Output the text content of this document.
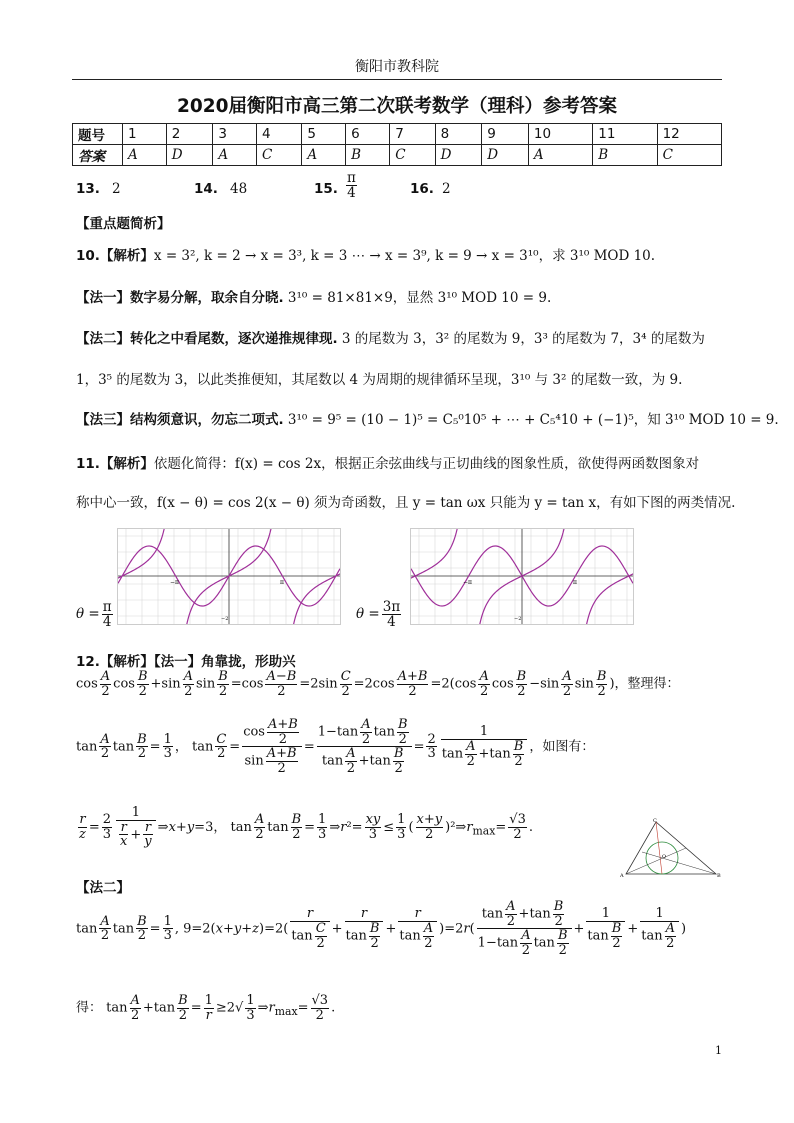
衡阳市教科院
2020届衡阳市高三第二次联考数学（理科）参考答案
题号	1	2	3	4	5	6	7	8	9	10	11	12
答案	A	D	A	C	A	B	C	D	D	A	B	C
13. 2	14. 48	15. $\frac{\pi}{4}$	16. 2
【重点题简析】
10.【解析】x = 3², k = 2 → x = 3³, k = 3 ⋯ → x = 3⁹, k = 9 → x = 3¹⁰，求 3¹⁰ MOD 10.
【法一】数字易分解，取余自分晓. 3¹⁰ = 81×81×9，显然 3¹⁰ MOD 10 = 9.
【法二】转化之中看尾数，逐次递推规律现. 3 的尾数为 3，3² 的尾数为 9，3³ 的尾数为 7，3⁴ 的尾数为
1，3⁵ 的尾数为 3，以此类推便知，其尾数以 4 为周期的规律循环呈现，3¹⁰ 与 3² 的尾数一致，为 9.
【法三】结构须意识，勿忘二项式. 3¹⁰ = 9⁵ = (10 − 1)⁵ = C₅⁰10⁵ + ⋯ + C₅⁴10 + (−1)⁵，知 3¹⁰ MOD 10 = 9.
11.【解析】依题化简得：f(x) = cos 2x，根据正余弦曲线与正切曲线的图象性质，欲使得两函数图象对
称中心一致，f(x − θ) = cos 2(x − θ) 须为奇函数，且 y = tan ωx 只能为 y = tan x，有如下图的两类情况.
−π	π
−2
$\theta = \frac{\pi}{4}$
−π	π
−2
$\theta = \frac{3\pi}{4}$
12.【解析】【法一】角靠拢，形助兴
$\cos \frac{A}{2}$ $\cos \frac{B}{2} +\sin \frac{A}{2}$ $\sin \frac{B}{2} =\cos \frac{A-B}{2} =2\sin \frac{C}{2} =2\cos \frac{A+B}{2} =2(\cos \frac{A}{2}$ $\cos \frac{B}{2} -\sin \frac{A}{2}$ $\sin \frac{B}{2}$ )，整理得：
$\tan \frac{A}{2}$ $\tan \frac{B}{2} = \frac{1}{3}$ ， $\tan \frac{C}{2} = \frac{\cos \frac{A+B}{2}}{\sin \frac{A+B}{2}} = \frac{1-\tan \frac{A}{2} \tan \frac{B}{2}}{\tan \frac{A}{2} +\tan \frac{B}{2}} = \frac{2}{3} \frac{1}{\tan \frac{A}{2} +\tan \frac{B}{2}}$ ，如图有：
$\frac{r}{z} = \frac{2}{3} \frac{1}{\frac{r}{x} + \frac{r}{y}}$ ⇒x+y=3， $\tan \frac{A}{2}$ $\tan \frac{B}{2} = \frac{1}{3}$ ⇒r²= $\frac{xy}{3} \le \frac{1}{3}$ ( $\frac{x+y}{2}$ )$^2\Rightarrow r_{max}= \frac{√3}{2}$ .
A	B
C
O
【法二】
$\tan \frac{A}{2}$ $\tan \frac{B}{2} = \frac{1}{3}$ , $9=2(x+y+z)=2( \frac{r}{\tan \frac{C}{2}} + \frac{r}{\tan \frac{B}{2}} + \frac{r}{\tan \frac{A}{2}} )=2r( \frac{\tan \frac{A}{2} +\tan \frac{B}{2}}{1-\tan \frac{A}{2} \tan \frac{B}{2}} + \frac{1}{\tan \frac{B}{2}} + \frac{1}{\tan \frac{A}{2}}$ )
得： $\tan \frac{A}{2} +\tan \frac{B}{2} = \frac{1}{r} \ge 2√ \frac{1}{3}$ $\Rightarrow r_{max}= \frac{√3}{2}$ .
1
